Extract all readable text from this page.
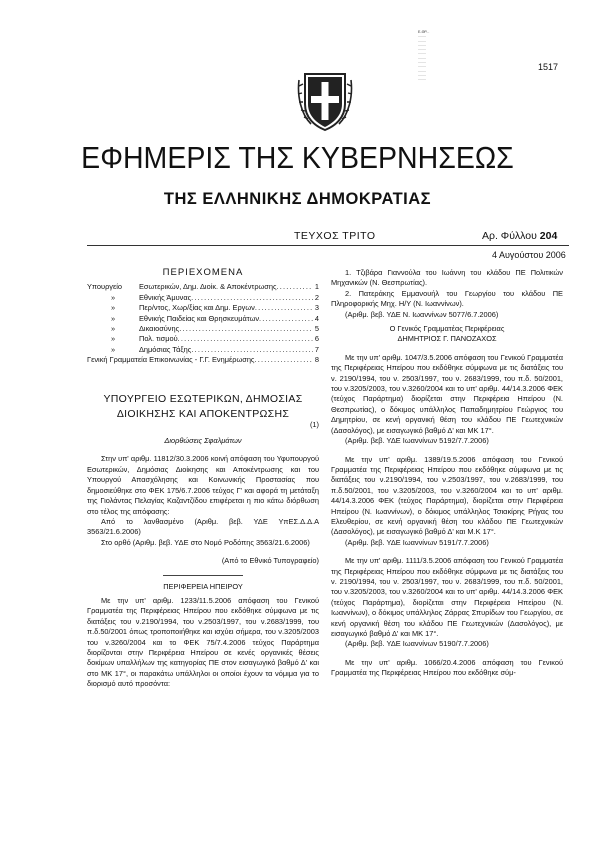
Ε-ΘΡ...
........
........
........
........
........
........
........
........
........
........
........
1517
ΕΦΗΜΕΡΙΣ ΤΗΣ ΚΥΒΕΡΝΗΣΕΩΣ
ΤΗΣ ΕΛΛΗΝΙΚΗΣ ΔΗΜΟΚΡΑΤΙΑΣ
ΤΕΥΧΟΣ ΤΡΙΤΟ	Αρ. Φύλλου 204
4 Αυγούστου 2006
ΠΕΡΙΕΧΟΜΕΝΑ
Υπουργείο	Εσωτερικών, Δημ. Διοίκ. & Αποκέντρωσης .....	1
»	Εθνικής Άμυνας .....	2
»	Περ/ντος, Χωρ/ξίας και Δημ. Εργων .....	3
»	Εθνικής Παιδείας και Θρησκευμάτων .....	4
»	Δικαιοσύνης .....	5
»	Πολ. τισμού .....	6
»	Δημόσιας Τάξης .....	7
Γενική Γραμματεία Επικοινωνίας - Γ.Γ. Ενημέρωσης .....	8
ΥΠΟΥΡΓΕΙΟ ΕΣΩΤΕΡΙΚΩΝ, ΔΗΜΟΣΙΑΣ
ΔΙΟΙΚΗΣΗΣ ΚΑΙ ΑΠΟΚΕΝΤΡΩΣΗΣ
(1)
Διορθώσεις Σφαλμάτων

Στην υπ' αριθμ. 11812/30.3.2006 κοινή απόφαση του Υφυπουργού Εσωτερικών, Δημόσιας Διοίκησης και Αποκέντρωσης και του Υπουργού Απασχόλησης και Κοινωνικής Προστασίας που δημοσιεύθηκε στο ΦΕΚ 175/6.7.2006 τεύχος Γ' και αφορά τη μετάταξη της Γιολάντας Πελαγίας Καζαντζίδου επιφέρεται η πιο κάτω διόρθωση στο τέλος της απόφασης:

Από το λανθασμένο (Αριθμ. βεβ. ΥΔΕ ΥπΕΣ.Δ.Δ.Α 3563/21.6.2006)

Στο ορθό (Αριθμ. βεβ. ΥΔΕ στο Νομό Ροδόπης 3563/21.6.2006)

(Από το Εθνικό Τυπογραφείο)
ΠΕΡΙΦΕΡΕΙΑ ΗΠΕΙΡΟΥ

Με την υπ' αριθμ. 1233/11.5.2006 απόφαση του Γενικού Γραμματέα της Περιφέρειας Ηπείρου που εκδόθηκε σύμφωνα με τις διατάξεις του ν.2190/1994, του ν.2503/1997, του ν.2683/1999, του π.δ.50/2001 όπως τροποποιήθηκε και ισχύει σήμερα, του ν.3205/2003 του ν.3260/2004 και το ΦΕΚ 75/7.4.2006 τεύχος Παράρτημα διορίζονται στην Περιφέρεια Ηπείρου σε κενές οργανικές θέσεις δοκίμων υπαλλήλων της κατηγορίας ΠΕ στον εισαγωγικό βαθμό Δ' και στο ΜΚ 17°, οι παρακάτω υπάλληλοι οι οποίοι έχουν τα νόμιμα για το διορισμό αυτό προσόντα:

1. Τζιβάρα Γιαννούλα του Ιωάννη του κλάδου ΠΕ Πολιτικών Μηχανικών (Ν. Θεσπρωτίας).

2. Πατεράκης Εμμανουήλ του Γεωργίου του κλάδου ΠΕ Πληροφορικής Μηχ. Η/Υ (Ν. Ιωαννίνων).

(Αριθμ. βεβ. ΥΔΕ Ν. Ιωαννίνων 5077/6.7.2006)

Ο Γενικός Γραμματέας Περιφέρειας
ΔΗΜΗΤΡΙΟΣ Γ. ΠΑΝΟΖΑΧΟΣ

Με την υπ' αριθμ. 1047/3.5.2006 απόφαση του Γενικού Γραμματέα της Περιφέρειας Ηπείρου που εκδόθηκε σύμφωνα με τις διατάξεις του ν. 2190/1994, του ν. 2503/1997, του ν. 2683/1999, του π.δ. 50/2001, του ν.3205/2003, του ν.3260/2004 και το υπ' αριθμ. 44/14.3.2006 ΦΕΚ (τεύχος Παράρτημα) διορίζεται στην Περιφέρεια Ηπείρου (Ν. Θεσπρωτίας), ο δόκιμος υπάλληλος Παπαδημητρίου Γεώργιος του Δημητρίου, σε κενή οργανική θέση του κλάδου ΠΕ Γεωτεχνικών (Δασολόγος), με εισαγωγικό βαθμό Δ' και ΜΚ 17°.

(Αριθμ. βεβ. ΥΔΕ Ιωαννίνων 5192/7.7.2006)

Με την υπ' αριθμ. 1389/19.5.2006 απόφαση του Γενικού Γραμματέα της Περιφέρειας Ηπείρου που εκδόθηκε σύμφωνα με τις διατάξεις του ν.2190/1994, του ν.2503/1997, του ν.2683/1999, του π.δ.50/2001, του ν.3205/2003, του ν.3260/2004 και το υπ' αριθμ. 44/14.3.2006 ΦΕΚ (τεύχος Παράρτημα), διορίζεται στην Περιφέρεια Ηπείρου (Ν. Ιωαννίνων), ο δόκιμος υπάλληλος Τσιακίρης Ρήγας του Ελευθερίου, σε κενή οργανική θέση του κλάδου ΠΕ Γεωτεχνικών (Δασολόγος), με εισαγωγικό βαθμό Δ' και Μ.Κ 17°.

(Αριθμ. βεβ. ΥΔΕ Ιωαννίνων 5191/7.7.2006)

Με την υπ' αριθμ. 1111/3.5.2006 απόφαση του Γενικού Γραμματέα της Περιφέρειας Ηπείρου που εκδόθηκε σύμφωνα με τις διατάξεις του ν. 2190/1994, του ν. 2503/1997, του ν. 2683/1999, του π.δ. 50/2001, του ν.3205/2003, του ν.3260/2004 και το υπ' αριθμ. 44/14.3.2006 ΦΕΚ (τεύχος Παράρτημα), διορίζεται στην Περιφέρεια Ηπείρου (Ν. Ιωαννίνων), ο δόκιμος υπάλληλος Ζάρρας Σπυρίδων του Γεωργίου, σε κενή οργανική θέση του κλάδου ΠΕ Γεωτεχνικών (Δασολόγος), με εισαγωγικό βαθμό Δ' και ΜΚ 17°.

(Αριθμ. βεβ. ΥΔΕ Ιωαννίνων 5190/7.7.2006)

Με την υπ' αριθμ. 1066/20.4.2006 απόφαση του Γενικού Γραμματέα της Περιφέρειας Ηπείρου που εκδόθηκε σύμ-
